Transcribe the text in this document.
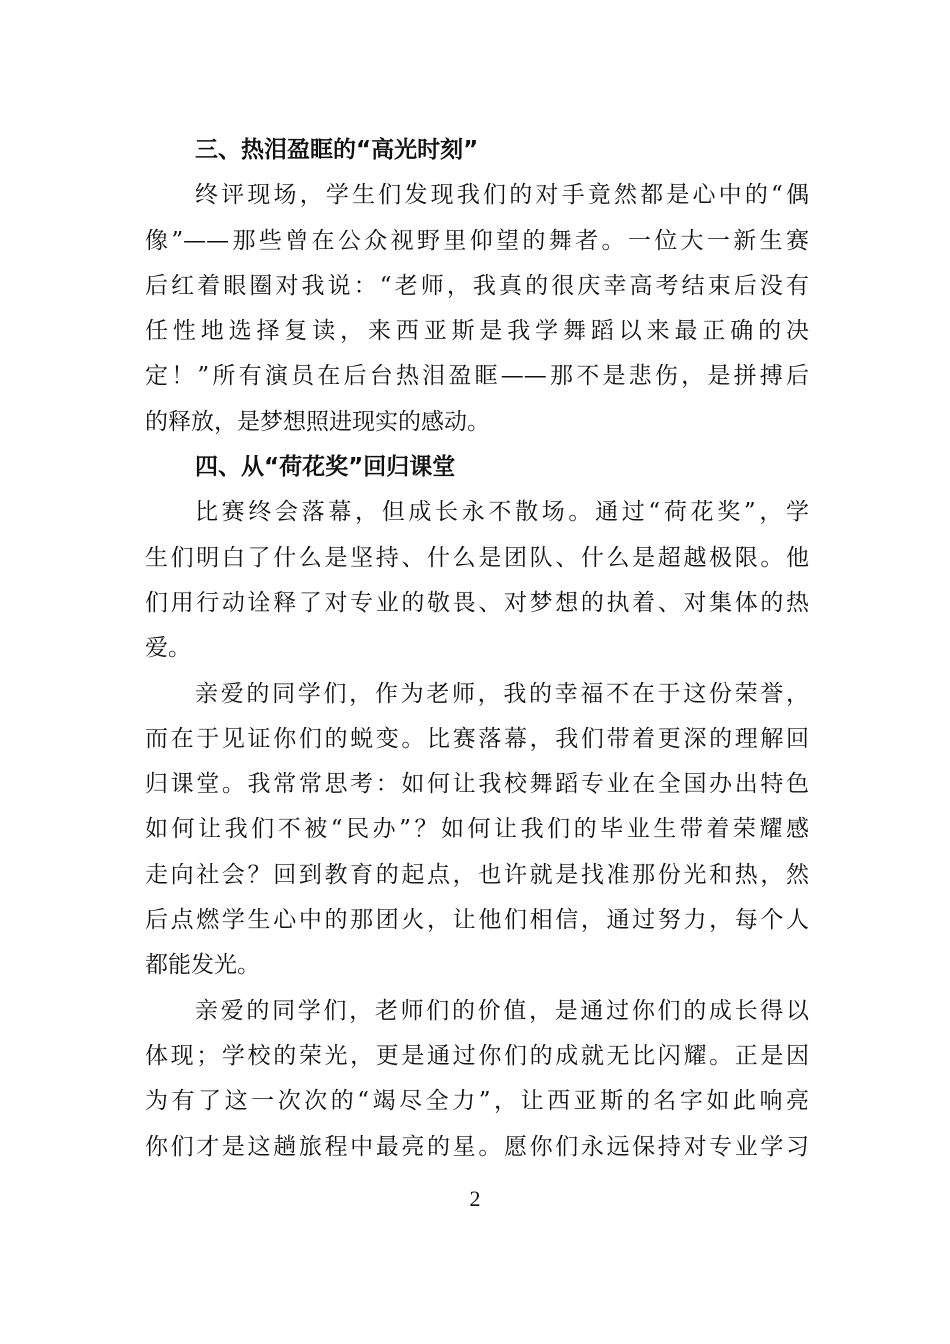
三、热泪盈眶的“高光时刻”
终评现场，学生们发现我们的对手竟然都是心中的“偶
像”——那些曾在公众视野里仰望的舞者。一位大一新生赛
后红着眼圈对我说：“老师，我真的很庆幸高考结束后没有
任性地选择复读，来西亚斯是我学舞蹈以来最正确的决
定！”所有演员在后台热泪盈眶——那不是悲伤，是拼搏后
的释放，是梦想照进现实的感动。
四、从“荷花奖”回归课堂
比赛终会落幕，但成长永不散场。通过“荷花奖”，学
生们明白了什么是坚持、什么是团队、什么是超越极限。他
们用行动诠释了对专业的敬畏、对梦想的执着、对集体的热
爱。
亲爱的同学们，作为老师，我的幸福不在于这份荣誉，
而在于见证你们的蜕变。比赛落幕，我们带着更深的理解回
归课堂。我常常思考：如何让我校舞蹈专业在全国办出特色
如何让我们不被“民办”？如何让我们的毕业生带着荣耀感
走向社会？回到教育的起点，也许就是找准那份光和热，然
后点燃学生心中的那团火，让他们相信，通过努力，每个人
都能发光。
亲爱的同学们，老师们的价值，是通过你们的成长得以
体现；学校的荣光，更是通过你们的成就无比闪耀。正是因
为有了这一次次的“竭尽全力”，让西亚斯的名字如此响亮
你们才是这趟旅程中最亮的星。愿你们永远保持对专业学习
2
